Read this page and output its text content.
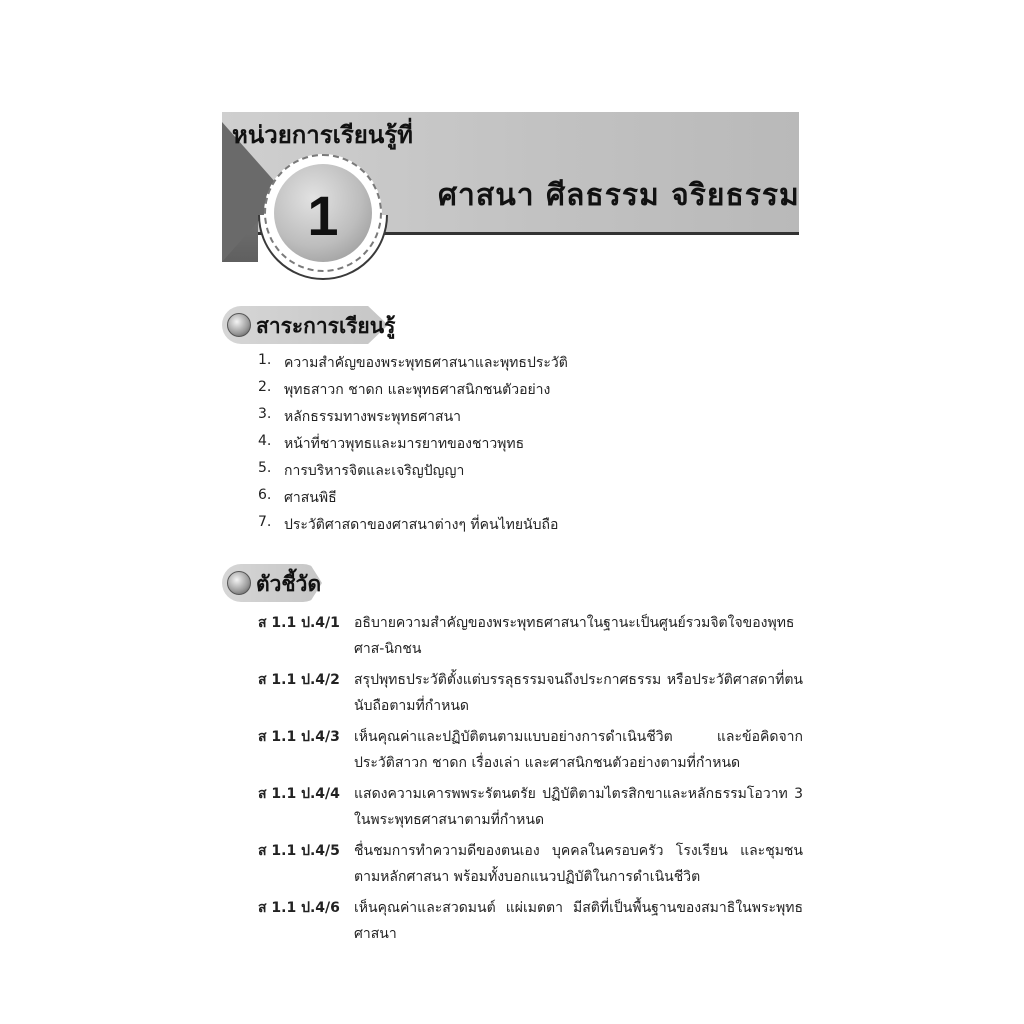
หน่วยการเรียนรู้ที่
1	ศาสนา ศีลธรรม จริยธรรม
สาระการเรียนรู้
1. ความสำคัญของพระพุทธศาสนาและพุทธประวัติ
2. พุทธสาวก ชาดก และพุทธศาสนิกชนตัวอย่าง
3. หลักธรรมทางพระพุทธศาสนา
4. หน้าที่ชาวพุทธและมารยาทของชาวพุทธ
5. การบริหารจิตและเจริญปัญญา
6. ศาสนพิธี
7. ประวัติศาสดาของศาสนาต่างๆ ที่คนไทยนับถือ
ตัวชี้วัด
ส 1.1 ป.4/1	อธิบายความสำคัญของพระพุทธศาสนาในฐานะเป็นศูนย์รวมจิตใจของพุทธศาส-นิกชน
ส 1.1 ป.4/2	สรุปพุทธประวัติตั้งแต่บรรลุธรรมจนถึงประกาศธรรม หรือประวัติศาสดาที่ตนนับถือตามที่กำหนด
ส 1.1 ป.4/3	เห็นคุณค่าและปฏิบัติตนตามแบบอย่างการดำเนินชีวิต และข้อคิดจากประวัติสาวก ชาดก เรื่องเล่า และศาสนิกชนตัวอย่างตามที่กำหนด
ส 1.1 ป.4/4	แสดงความเคารพพระรัตนตรัย ปฏิบัติตามไตรสิกขาและหลักธรรมโอวาท 3 ในพระพุทธศาสนาตามที่กำหนด
ส 1.1 ป.4/5	ชื่นชมการทำความดีของตนเอง บุคคลในครอบครัว โรงเรียน และชุมชนตามหลักศาสนา พร้อมทั้งบอกแนวปฏิบัติในการดำเนินชีวิต
ส 1.1 ป.4/6	เห็นคุณค่าและสวดมนต์ แผ่เมตตา มีสติที่เป็นพื้นฐานของสมาธิในพระพุทธศาสนา
